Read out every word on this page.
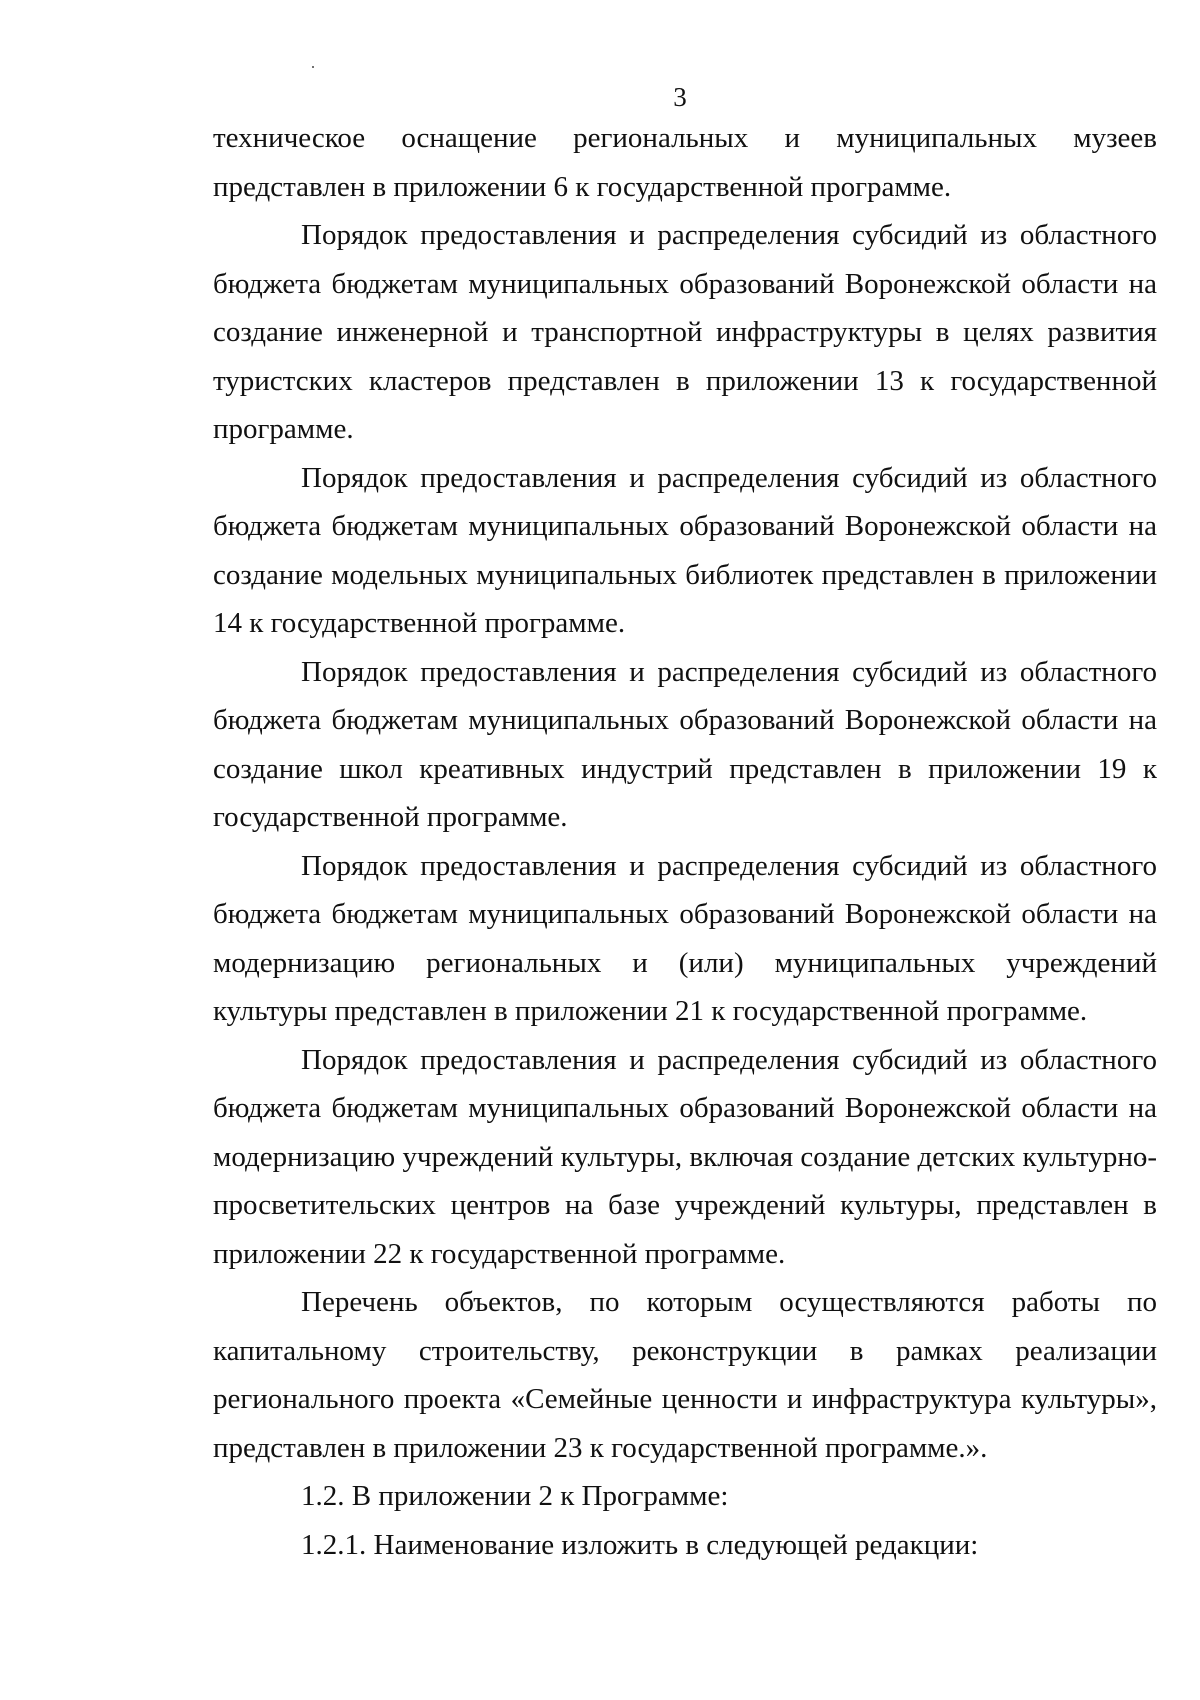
3

техническое оснащение региональных и муниципальных музеев представлен в приложении 6 к государственной программе.

Порядок предоставления и распределения субсидий из областного бюджета бюджетам муниципальных образований Воронежской области на создание инженерной и транспортной инфраструктуры в целях развития туристских кластеров представлен в приложении 13 к государственной программе.

Порядок предоставления и распределения субсидий из областного бюджета бюджетам муниципальных образований Воронежской области на создание модельных муниципальных библиотек представлен в приложении 14 к государственной программе.

Порядок предоставления и распределения субсидий из областного бюджета бюджетам муниципальных образований Воронежской области на создание школ креативных индустрий представлен в приложении 19 к государственной программе.

Порядок предоставления и распределения субсидий из областного бюджета бюджетам муниципальных образований Воронежской области на модернизацию региональных и (или) муниципальных учреждений культуры представлен в приложении 21 к государственной программе.

Порядок предоставления и распределения субсидий из областного бюджета бюджетам муниципальных образований Воронежской области на модернизацию учреждений культуры, включая создание детских культурно-просветительских центров на базе учреждений культуры, представлен в приложении 22 к государственной программе.

Перечень объектов, по которым осуществляются работы по капитальному строительству, реконструкции в рамках реализации регионального проекта «Семейные ценности и инфраструктура культуры», представлен в приложении 23 к государственной программе.».

1.2. В приложении 2 к Программе:

1.2.1. Наименование изложить в следующей редакции:
